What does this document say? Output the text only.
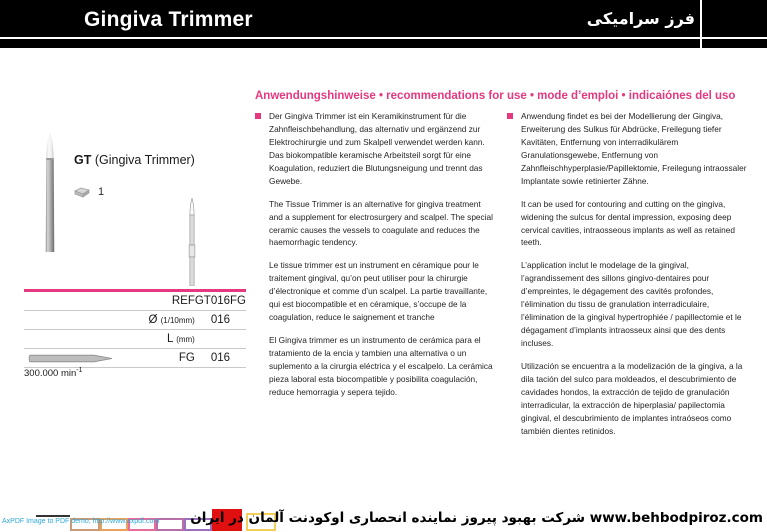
Gingiva Trimmer	فرز سرامیکی
GT (Gingiva Trimmer)
1
	REF	GT016FG
	Ø (1/10mm)	016
	L (mm)	

	FG	016
300.000 $\min^{-1}$
Anwendungshinweise • recommendations for use • mode d’emploi • indicaiónes del uso
Der Gingiva Trimmer ist ein Keramikinstrument für die Zahnfleischbehandlung, das alternativ und ergänzend zur Elektrochirurgie und zum Skalpell verwendet werden kann. Das biokompatible keramische Arbeitsteil sorgt für eine Koagulation, reduziert die Blutungsneigung und trennt das Gewebe.
The Tissue Trimmer is an alternative for gingiva treatment and a supplement for electrosurgery and scalpel. The special ceramic causes the vessels to coagulate and reduces the haemorrhagic tendency.
Le tissue trimmer est un instrument en céramique pour le traitement gingival, qu’on peut utiliser pour la chirurgie d’électronique et comme d’un scalpel. La partie travaillante, qui est biocompatible et en céramique, s’occupe de la coagulation, reduce le saignement et tranche
El Gingiva trimmer es un instrumento de cerámica para el tratamiento de la encia y tambien una alternativa o un suplemento a la cirurgia eléctrica y el escalpelo. La cerámica pieza laboral esta biocompatible y posibilita coagulación, reduce hemorragia y sepera tejido.
Anwendung findet es bei der Modellierung der Gingiva, Erweiterung des Sulkus für Abdrücke, Freilegung tiefer Kavitäten, Entfernung von interradikulärem Granulationsgewebe, Entfernung von Zahnfleischhyperplasie/Papillektomie, Freilegung intraossaler Implantate sowie retinierter Zähne.
It can be used for contouring and cutting on the gingiva, widening the sulcus for dental impression, exposing deep cervical cavities, intraosseous implants as well as retained teeth.
L’application inclut le modelage de la gingival, l’agrandissement des sillons gingivo-dentaires pour d’empreintes, le dégagement des cavités profondes, l’élimination du tissu de granulation interradiculaire, l’élimination de la gingival hypertrophiée / papillectomie et le dégagament d’implants intraosseux ainsi que des dents incluses.
Utilización se encuentra a la modelización de la gingiva, a la dila tación del sulco para moldeados, el descubrimiento de cavidades hondos, la extracción de tejido de granulación interradicular, la extracción de hiperplasia/ papilectomia gingival, el descubrimiento de implantes intraóseos como también dientes retinidos.
www.behbodpiroz.com شرکت بهبود پیروز نماینده انحصاری اوکودنت آلمان در ایران
AxPDF Image to PDF demo, http://www.axpdf.com
